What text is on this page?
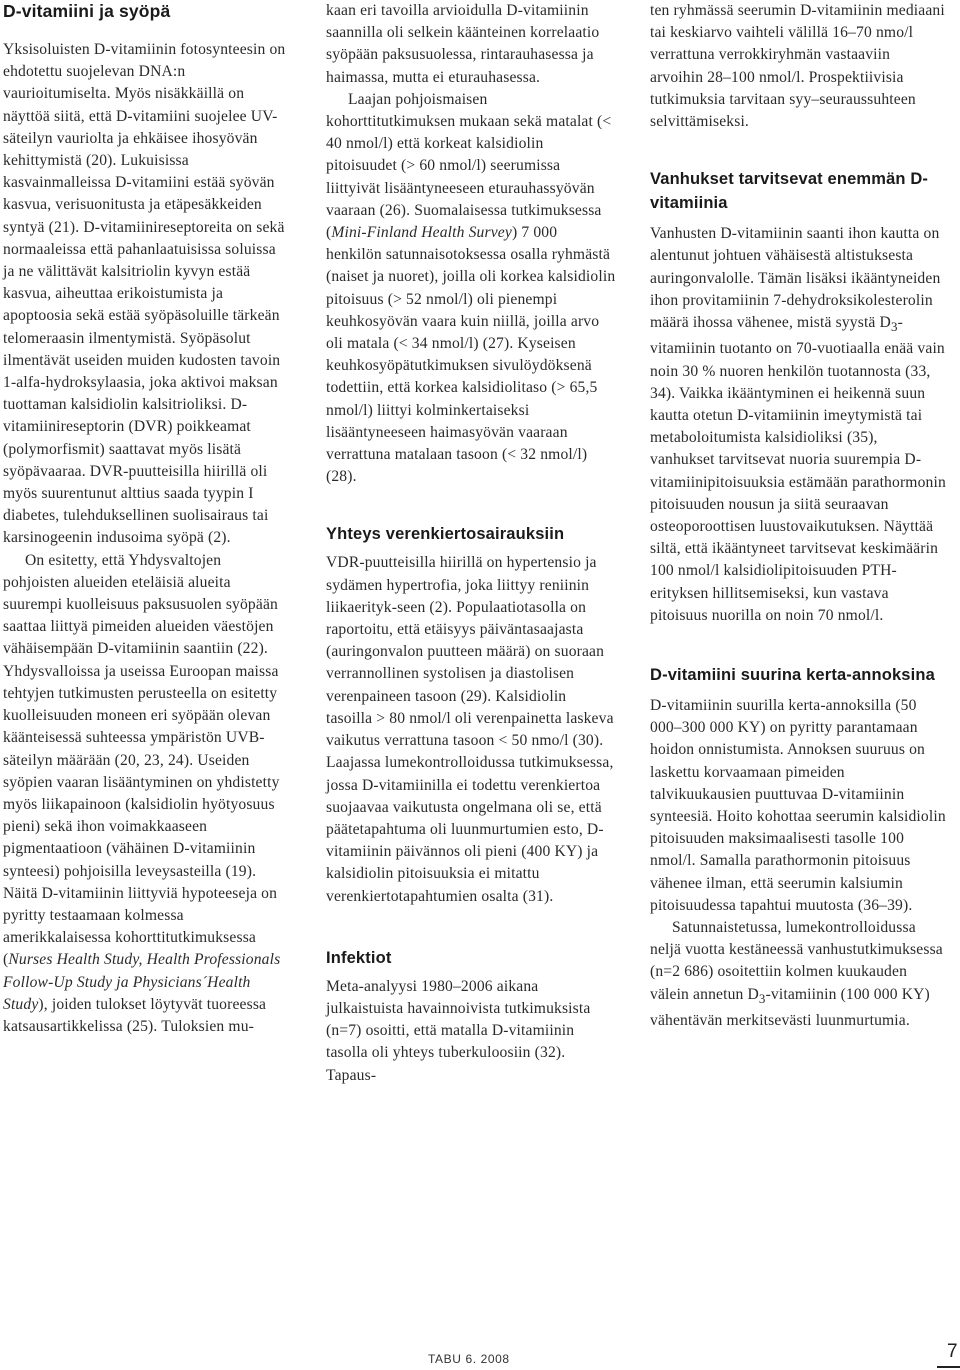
D-vitamiini ja syöpä

Yksisoluisten D-vitamiinin fotosynteesin on ehdotettu suojelevan DNA:n vaurioitumiselta. Myös nisäkkäillä on näyttöä siitä, että D-vitamiini suojelee UV-säteilyn vauriolta ja ehkäisee ihosyövän kehittymistä (20). Lukuisissa kasvainmalleissa D-vitamiini estää syövän kasvua, verisuonitusta ja etäpesäkkeiden syntyä (21). D-vitamiinireseptoreita on sekä normaaleissa että pahanlaatuisissa soluissa ja ne välittävät kalsitriolin kyvyn estää kasvua, aiheuttaa erikoistumista ja apoptoosia sekä estää syöpäsoluille tärkeän telomeraasin ilmentymistä. Syöpäsolut ilmentävät useiden muiden kudosten tavoin 1-alfa-hydroksylaasia, joka aktivoi maksan tuottaman kalsidiolin kalsitrioliksi. D-vitamiinireseptorin (DVR) poikkeamat (polymorfismit) saattavat myös lisätä syöpävaaraa. DVR-puutteisilla hiirillä oli myös suurentunut alttius saada tyypin I diabetes, tulehduksellinen suolisairaus tai karsinogeenin indusoima syöpä (2).

On esitetty, että Yhdysvaltojen pohjoisten alueiden eteläisiä alueita suurempi kuolleisuus paksusuolen syöpään saattaa liittyä pimeiden alueiden väestöjen vähäisempään D-vitamiinin saantiin (22). Yhdysvalloissa ja useissa Euroopan maissa tehtyjen tutkimusten perusteella on esitetty kuolleisuuden moneen eri syöpään olevan käänteisessä suhteessa ympäristön UVB-säteilyn määrään (20, 23, 24). Useiden syöpien vaaran lisääntyminen on yhdistetty myös liikapainoon (kalsidiolin hyötyosuus pieni) sekä ihon voimakkaaseen pigmentaatioon (vähäinen D-vitamiinin synteesi) pohjoisilla leveysasteilla (19). Näitä D-vitamiinin liittyviä hypoteeseja on pyritty testaamaan kolmessa amerikkalaisessa kohorttitutkimuksessa (Nurses Health Study, Health Professionals Follow-Up Study ja Physicians´Health Study), joiden tulokset löytyvät tuoreessa katsausartikkelissa (25). Tuloksien mu-

kaan eri tavoilla arvioidulla D-vitamiinin saannilla oli selkein käänteinen korrelaatio syöpään paksusuolessa, rintarauhasessa ja haimassa, mutta ei eturauhasessa.

Laajan pohjoismaisen kohorttitutkimuksen mukaan sekä matalat (< 40 nmol/l) että korkeat kalsidiolin pitoisuudet (> 60 nmol/l) seerumissa liittyivät lisääntyneeseen eturauhassyövän vaaraan (26). Suomalaisessa tutkimuksessa (Mini-Finland Health Survey) 7 000 henkilön satunnaisotoksessa osalla ryhmästä (naiset ja nuoret), joilla oli korkea kalsidiolin pitoisuus (> 52 nmol/l) oli pienempi keuhkosyövän vaara kuin niillä, joilla arvo oli matala (< 34 nmol/l) (27). Kyseisen keuhkosyöpätutkimuksen sivulöydöksenä todettiin, että korkea kalsidiolitaso (> 65,5 nmol/l) liittyi kolminkertaiseksi lisääntyneeseen haimasyövän vaaraan verrattuna matalaan tasoon (< 32 nmol/l) (28).

Yhteys verenkiertosairauksiin

VDR-puutteisilla hiirillä on hypertensio ja sydämen hypertrofia, joka liittyy reniinin liikaerityk-seen (2). Populaatiotasolla on raportoitu, että etäisyys päiväntasaajasta (auringonvalon puutteen määrä) on suoraan verrannollinen systolisen ja diastolisen verenpaineen tasoon (29). Kalsidiolin tasoilla > 80 nmol/l oli verenpainetta laskeva vaikutus verrattuna tasoon < 50 nmo/l (30). Laajassa lumekontrolloidussa tutkimuksessa, jossa D-vitamiinilla ei todettu verenkiertoa suojaavaa vaikutusta ongelmana oli se, että päätetapahtuma oli luunmurtumien esto, D-vitamiinin päivännos oli pieni (400 KY) ja kalsidiolin pitoisuuksia ei mitattu verenkiertotapahtumien osalta (31).

Infektiot

Meta-analyysi 1980–2006 aikana julkaistuista havainnoivista tutkimuksista (n=7) osoitti, että matalla D-vitamiinin tasolla oli yhteys tuberkuloosiin (32). Tapaus-

ten ryhmässä seerumin D-vitamiinin mediaani tai keskiarvo vaihteli välillä 16–70 nmo/l verrattuna verrokkiryhmän vastaaviin arvoihin 28–100 nmol/l. Prospektiivisia tutkimuksia tarvitaan syy–seuraussuhteen selvittämiseksi.

Vanhukset tarvitsevat enemmän D-vitamiinia

Vanhusten D-vitamiinin saanti ihon kautta on alentunut johtuen vähäisestä altistuksesta auringonvalolle. Tämän lisäksi ikääntyneiden ihon provitamiinin 7-dehydroksikolesterolin määrä ihossa vähenee, mistä syystä $D_3$-vitamiinin tuotanto on 70-vuotiaalla enää vain noin 30 % nuoren henkilön tuotannosta (33, 34). Vaikka ikääntyminen ei heikennä suun kautta otetun D-vitamiinin imeytymistä tai metaboloitumista kalsidioliksi (35), vanhukset tarvitsevat nuoria suurempia D-vitamiinipitoisuuksia estämään parathormonin pitoisuuden nousun ja siitä seuraavan osteoporoottisen luustovaikutuksen. Näyttää siltä, että ikääntyneet tarvitsevat keskimäärin 100 nmol/l kalsidiolipitoisuuden PTH-erityksen hillitsemiseksi, kun vastava pitoisuus nuorilla on noin 70 nmol/l.

D-vitamiini suurina kerta-annoksina

D-vitamiinin suurilla kerta-annoksilla (50 000–300 000 KY) on pyritty parantamaan hoidon onnistumista. Annoksen suuruus on laskettu korvaamaan pimeiden talvikuukausien puuttuvaa D-vitamiinin synteesiä. Hoito kohottaa seerumin kalsidiolin pitoisuuden maksimaalisesti tasolle 100 nmol/l. Samalla parathormonin pitoisuus vähenee ilman, että seerumin kalsiumin pitoisuudessa tapahtui muutosta (36–39).

Satunnaistetussa, lumekontrolloidussa neljä vuotta kestäneessä vanhustutkimuksessa (n=2 686) osoitettiin kolmen kuukauden välein annetun $D_3$-vitamiinin (100 000 KY) vähentävän merkitsevästi luunmurtumia.

TABU 6. 2008	7
